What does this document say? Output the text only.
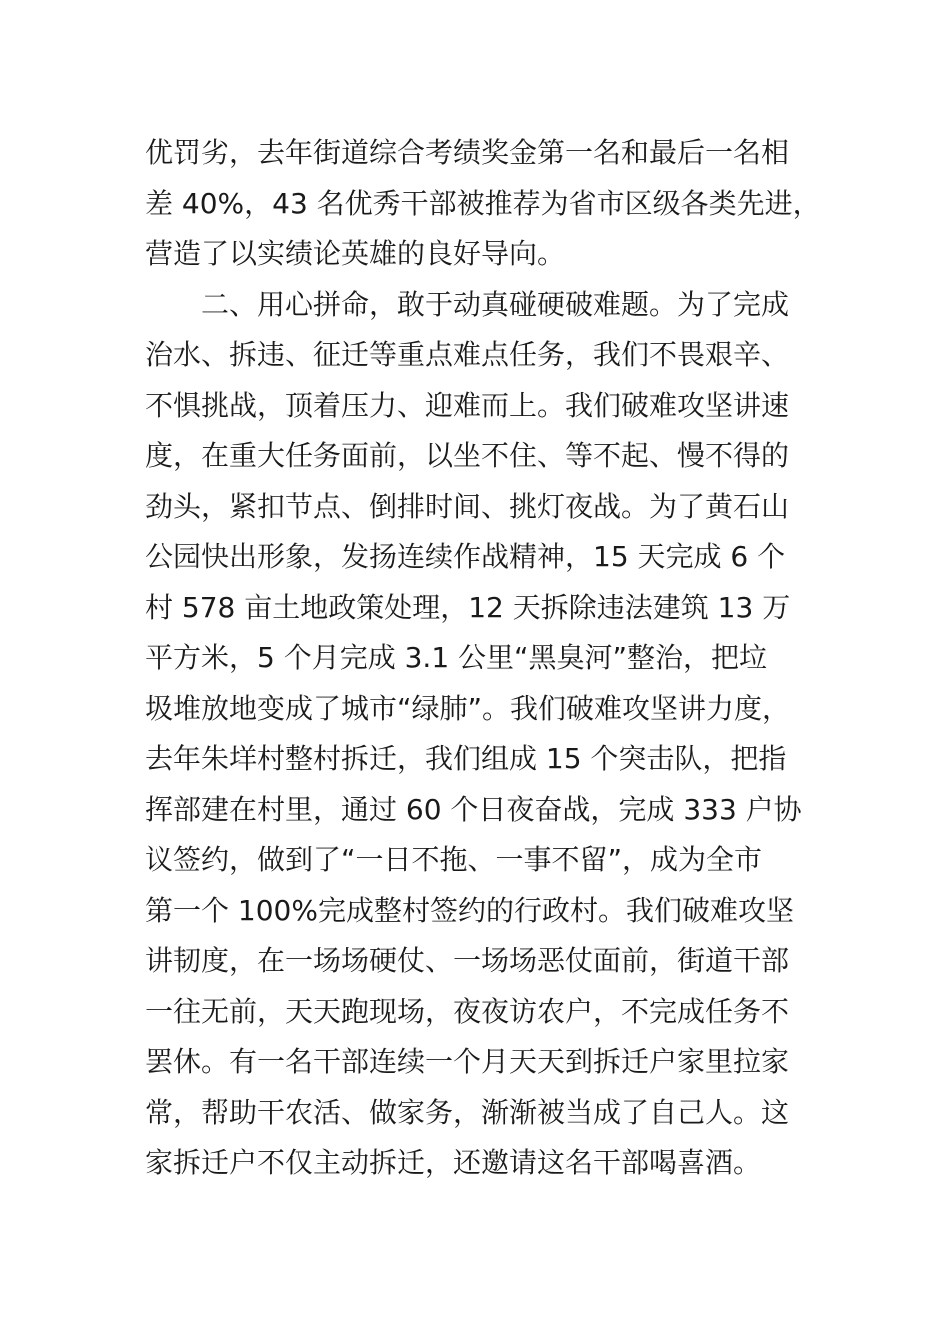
优罚劣，去年街道综合考绩奖金第一名和最后一名相
差 40%，43 名优秀干部被推荐为省市区级各类先进，
营造了以实绩论英雄的良好导向。
二、用心拼命，敢于动真碰硬破难题。为了完成
治水、拆违、征迁等重点难点任务，我们不畏艰辛、
不惧挑战，顶着压力、迎难而上。我们破难攻坚讲速
度，在重大任务面前，以坐不住、等不起、慢不得的
劲头，紧扣节点、倒排时间、挑灯夜战。为了黄石山
公园快出形象，发扬连续作战精神，15 天完成 6 个
村 578 亩土地政策处理，12 天拆除违法建筑 13 万
平方米，5 个月完成 3.1 公里“黑臭河”整治，把垃
圾堆放地变成了城市“绿肺”。我们破难攻坚讲力度，
去年朱垟村整村拆迁，我们组成 15 个突击队，把指
挥部建在村里，通过 60 个日夜奋战，完成 333 户协
议签约，做到了“一日不拖、一事不留”，成为全市
第一个 100%完成整村签约的行政村。我们破难攻坚
讲韧度，在一场场硬仗、一场场恶仗面前，街道干部
一往无前，天天跑现场，夜夜访农户，不完成任务不
罢休。有一名干部连续一个月天天到拆迁户家里拉家
常，帮助干农活、做家务，渐渐被当成了自己人。这
家拆迁户不仅主动拆迁，还邀请这名干部喝喜酒。
